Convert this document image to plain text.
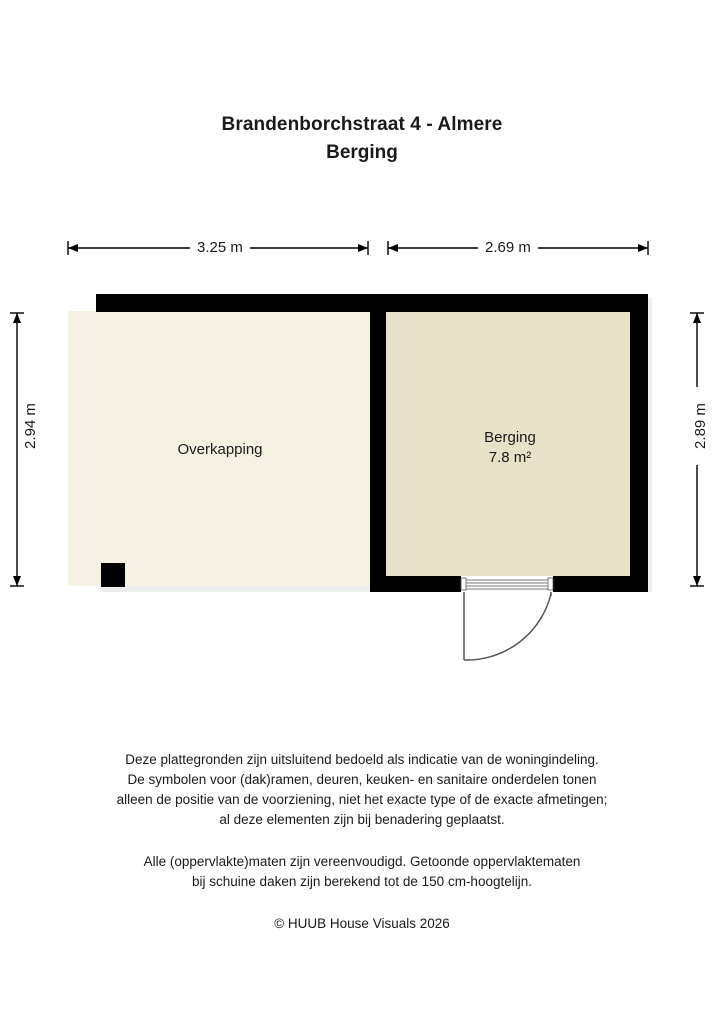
Brandenborchstraat 4 - Almere
Berging
3.25 m	2.69 m
2.94 m	2.89 m
Overkapping
Berging
7.8 m²

Deze plattegronden zijn uitsluitend bedoeld als indicatie van de woningindeling.

De symbolen voor (dak)ramen, deuren, keuken- en sanitaire onderdelen tonen

alleen de positie van de voorziening, niet het exacte type of de exacte afmetingen;

al deze elementen zijn bij benadering geplaatst.

Alle (oppervlakte)maten zijn vereenvoudigd. Getoonde oppervlaktematen

bij schuine daken zijn berekend tot de 150 cm-hoogtelijn.

© HUUB House Visuals 2026
